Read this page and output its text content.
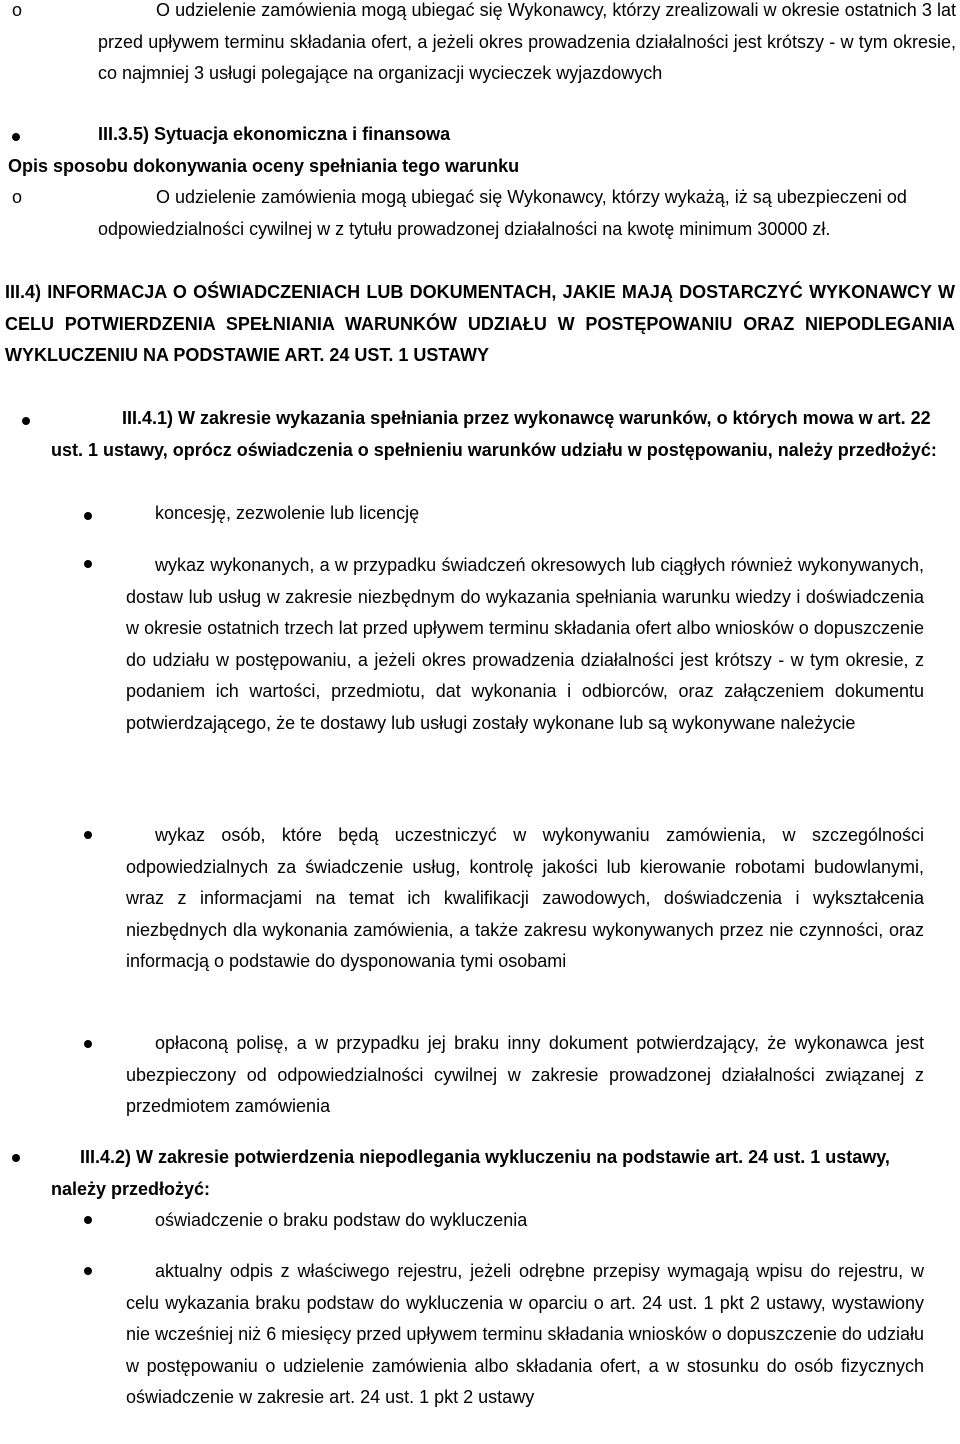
o	O udzieleniе zamówienia mogą ubiegać się Wykonawcy, którzy zrealizowali w okresie ostatnich 3 lat przed upływem terminu składania ofert, a jeżeli okres prowadzenia działalności jest krótszy - w tym okresie, co najmniej 3 usługi polegające na organizacji wycieczek wyjazdowych

III.3.5) Sytuacja ekonomiczna i finansowa

Opis sposobu dokonywania oceny spełniania tego warunku

o	O udzielenie zamówienia mogą ubiegać się Wykonawcy, którzy wykażą, iż są ubezpieczeni od odpowiedzialności cywilnej w z tytułu prowadzonej działalności na kwotę minimum 30000 zł.

III.4) INFORMACJA O OŚWIADCZENIACH LUB DOKUMENTACH, JAKIE MAJĄ DOSTARCZYĆ WYKONAWCY W CELU POTWIERDZENIA SPEŁNIANIA WARUNKÓW UDZIAŁU W POSTĘPOWANIU ORAZ NIEPODLEGANIA WYKLUCZENIU NA PODSTAWIE ART. 24 UST. 1 USTAWY

III.4.1) W zakresie wykazania spełniania przez wykonawcę warunków, o których mowa w art. 22 ust. 1 ustawy, oprócz oświadczenia o spełnieniu warunków udziału w postępowaniu, należy przedłożyć:

koncesję, zezwolenie lub licencję

wykaz wykonanych, a w przypadku świadczeń okresowych lub ciągłych również wykonywanych, dostaw lub usług w zakresie niezbędnym do wykazania spełniania warunku wiedzy i doświadczenia w okresie ostatnich trzech lat przed upływem terminu składania ofert albo wniosków o dopuszczenie do udziału w postępowaniu, a jeżeli okres prowadzenia działalności jest krótszy - w tym okresie, z podaniem ich wartości, przedmiotu, dat wykonania i odbiorców, oraz załączeniem dokumentu potwierdzającego, że te dostawy lub usługi zostały wykonane lub są wykonywane należycie

wykaz osób, które będą uczestniczyć w wykonywaniu zamówienia, w szczególności odpowiedzialnych za świadczenie usług, kontrolę jakości lub kierowanie robotami budowlanymi, wraz z informacjami na temat ich kwalifikacji zawodowych, doświadczenia i wykształcenia niezbędnych dla wykonania zamówienia, a także zakresu wykonywanych przez nie czynności, oraz informacją o podstawie do dysponowania tymi osobami

opłaconą polisę, a w przypadku jej braku inny dokument potwierdzający, że wykonawca jest ubezpieczony od odpowiedzialności cywilnej w zakresie prowadzonej działalności związanej z przedmiotem zamówienia

III.4.2) W zakresie potwierdzenia niepodlegania wykluczeniu na podstawie art. 24 ust. 1 ustawy, należy przedłożyć:

oświadczenie o braku podstaw do wykluczenia

aktualny odpis z właściwego rejestru, jeżeli odrębne przepisy wymagają wpisu do rejestru, w celu wykazania braku podstaw do wykluczenia w oparciu o art. 24 ust. 1 pkt 2 ustawy, wystawiony nie wcześniej niż 6 miesięcy przed upływem terminu składania wniosków o dopuszczenie do udziału w postępowaniu o udzielenie zamówienia albo składania ofert, a w stosunku do osób fizycznych oświadczenie w zakresie art. 24 ust. 1 pkt 2 ustawy
